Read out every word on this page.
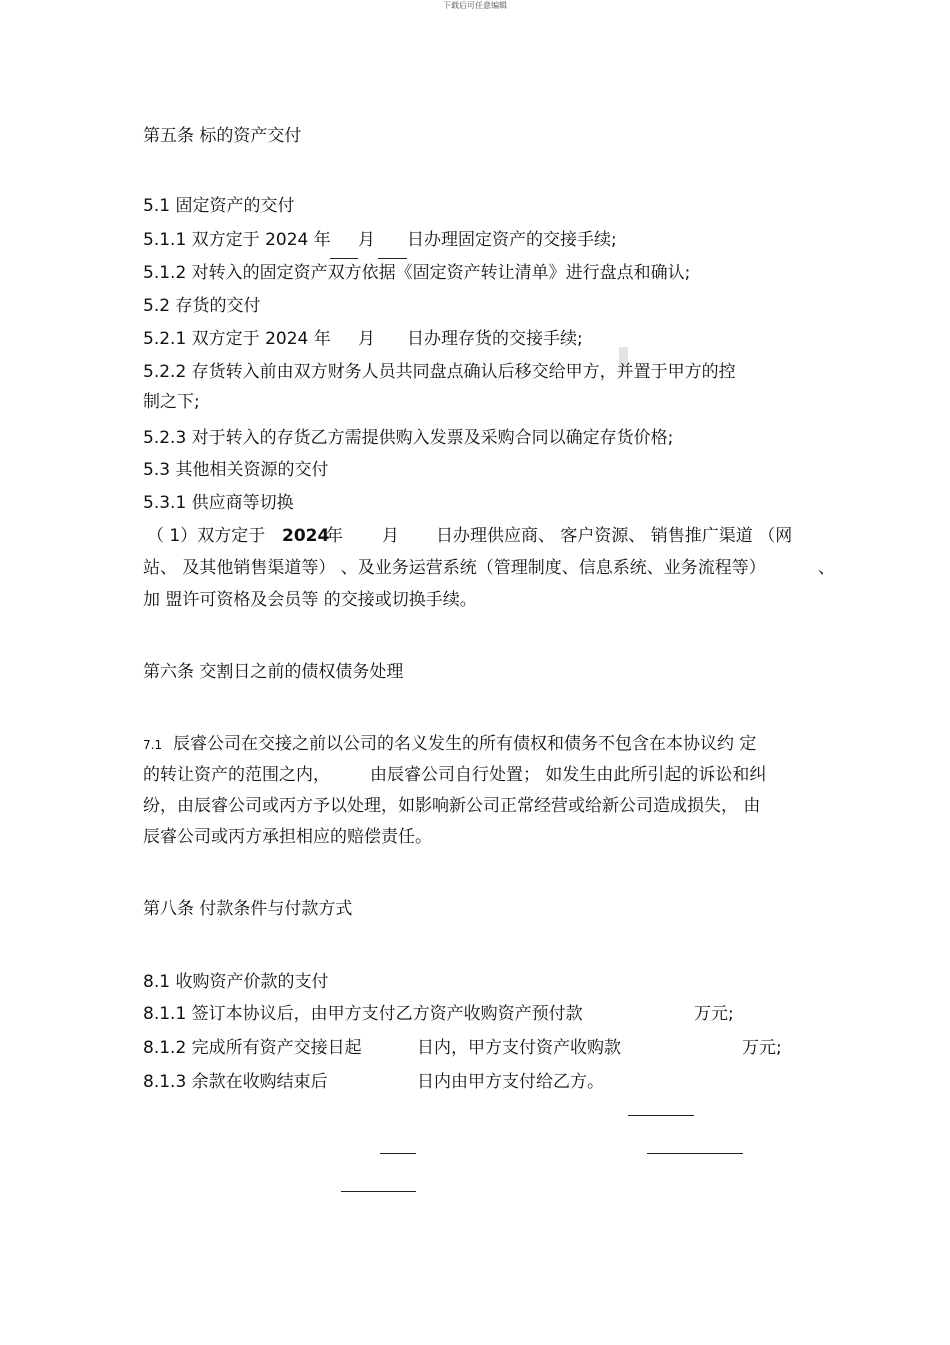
下载后可任意编辑
第五条 标的资产交付
5.1 固定资产的交付
5.1.1 双方定于 2024 年 月 日办理固定资产的交接手续;
5.1.2 对转入的固定资产双方依据《固定资产转让清单》进行盘点和确认;
5.2 存货的交付
5.2.1 双方定于 2024 年 月 日办理存货的交接手续;
5.2.2 存货转入前由双方财务人员共同盘点确认后移交给甲方，并置于甲方的控
制之下;
5.2.3 对于转入的存货乙方需提供购入发票及采购合同以确定存货价格;
5.3 其他相关资源的交付
5.3.1 供应商等切换
（ 1）双方定于 2024
年 月 日办理供应商、 客户资源、 销售推广渠道 （网
站、 及其他销售渠道等） 、及业务运营系统（管理制度、信息系统、业务流程等）	、
加 盟许可资格及会员等 的交接或切换手续。
第六条 交割日之前的债权债务处理
7.1 辰睿公司在交接之前以公司的名义发生的所有债权和债务不包含在本协议约 定
的转让资产的范围之内， 由辰睿公司自行处置； 如发生由此所引起的诉讼和纠
纷，由辰睿公司或丙方予以处理，如影响新公司正常经营或给新公司造成损失， 由
辰睿公司或丙方承担相应的赔偿责任。
第八条 付款条件与付款方式
8.1 收购资产价款的支付
8.1.1 签订本协议后，由甲方支付乙方资产收购资产预付款	万元;
8.1.2 完成所有资产交接日起	日内，甲方支付资产收购款	万元;
8.1.3 余款在收购结束后	日内由甲方支付给乙方。
